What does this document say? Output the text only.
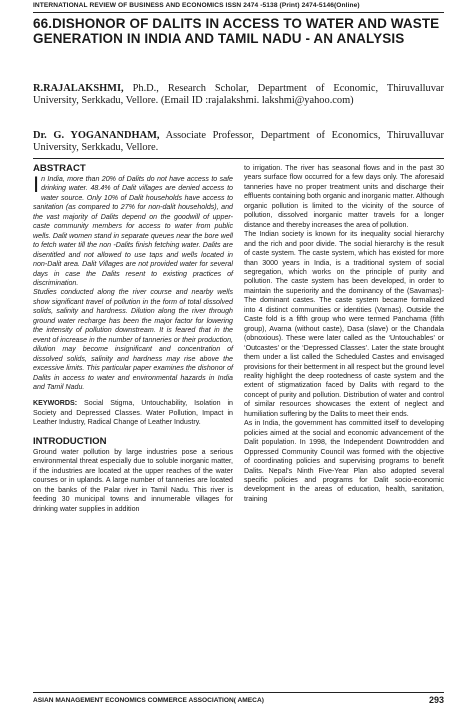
INTERNATIONAL REVIEW OF BUSINESS AND ECONOMICS ISSN 2474 -5138 (Print) 2474-5146(Online)
66.DISHONOR OF DALITS IN ACCESS TO WATER AND WASTE GENERATION IN INDIA AND TAMIL NADU - AN ANALYSIS

R.RAJALAKSHMI, Ph.D., Research Scholar, Department of Economic, Thiruvalluvar University, Serkkadu, Vellore. (Email ID :rajalakshmi. lakshmi@yahoo.com)

Dr. G. YOGANANDHAM, Associate Professor, Department of Economics, Thiruvalluvar University, Serkkadu, Vellore.

ABSTRACT

In India, more than 20% of Dalits do not have access to safe drinking water. 48.4% of Dalit villages are denied access to water source. Only 10% of Dalit households have access to sanitation (as compared to 27% for non-dalit households), and the vast majority of Dalits depend on the goodwill of upper-caste community members for access to water from public wells. Dalit women stand in separate queues near the bore well to fetch water till the non -Dalits finish fetching water. Dalits are disentitled and not allowed to use taps and wells located in non-Dalit area. Dalit Villages are not provided water for several days in case the Dalits resent to existing practices of discrimination.

Studies conducted along the river course and nearby wells show significant travel of pollution in the form of total dissolved solids, salinity and hardness. Dilution along the river through ground water recharge has been the major factor for lowering the intensity of pollution downstream. It is feared that in the event of increase in the number of tanneries or their production, dilution may become insignificant and concentration of dissolved solids, salinity and hardness may rise above the excessive limits. This particular paper examines the dishonor of Dalits in access to water and environmental hazards in India and Tamil Nadu.

KEYWORDS: Social Stigma, Untouchability, Isolation in Society and Depressed Classes. Water Pollution, Impact in Leather Industry, Radical Change of Leather Industry.

INTRODUCTION

Ground water pollution by large industries pose a serious environmental threat especially due to soluble inorganic matter, if the industries are located at the upper reaches of the water courses or in uplands. A large number of tanneries are located on the banks of the Palar river in Tamil Nadu. This river is feeding 30 municipal towns and innumerable villages for drinking water supplies in addition

to irrigation. The river has seasonal flows and in the past 30 years surface flow occurred for a few days only. The aforesaid tanneries have no proper treatment units and discharge their effluents containing both organic and inorganic matter. Although organic pollution is limited to the vicinity of the source of pollution, dissolved inorganic matter travels for a longer distance and thereby increases the area of pollution.

The Indian society is known for its inequality social hierarchy and the rich and poor divide. The social hierarchy is the result of caste system. The caste system, which has existed for more than 3000 years in India, is a traditional system of social segregation, which works on the principle of purity and pollution. The caste system has been developed, in order to maintain the superiority and the dominancy of the (Savarnas)-The dominant castes. The caste system became formalized into 4 distinct communities or identities (Varnas). Outside the Caste fold is a fifth group who were termed Panchama (fifth group), Avarna (without caste), Dasa (slave) or the Chandala (obnoxious). These were later called as the ‘Untouchables’ or ‘Outcastes’ or the ‘Depressed Classes’. Later the state brought them under a list called the Scheduled Castes and envisaged provisions for their betterment in all respect but the ground level reality highlight the deep rootedness of caste system and the extent of stigmatization faced by Dalits with regard to the concept of purity and pollution. Distribution of water and control of similar resources showcases the extent of neglect and humiliation suffering by the Dalits to meet their ends.

As in India, the government has committed itself to developing policies aimed at the social and economic advancement of the Dalit population. In 1998, the Independent Downtrodden and Oppressed Community Council was formed with the objective of coordinating policies and supervising programs to benefit Dalits. Nepal’s Ninth Five-Year Plan also adopted several specific policies and programs for Dalit socio-economic development in the areas of education, health, sanitation, training

ASIAN MANAGEMENT ECONOMICS COMMERCE ASSOCIATION( AMECA)	293
